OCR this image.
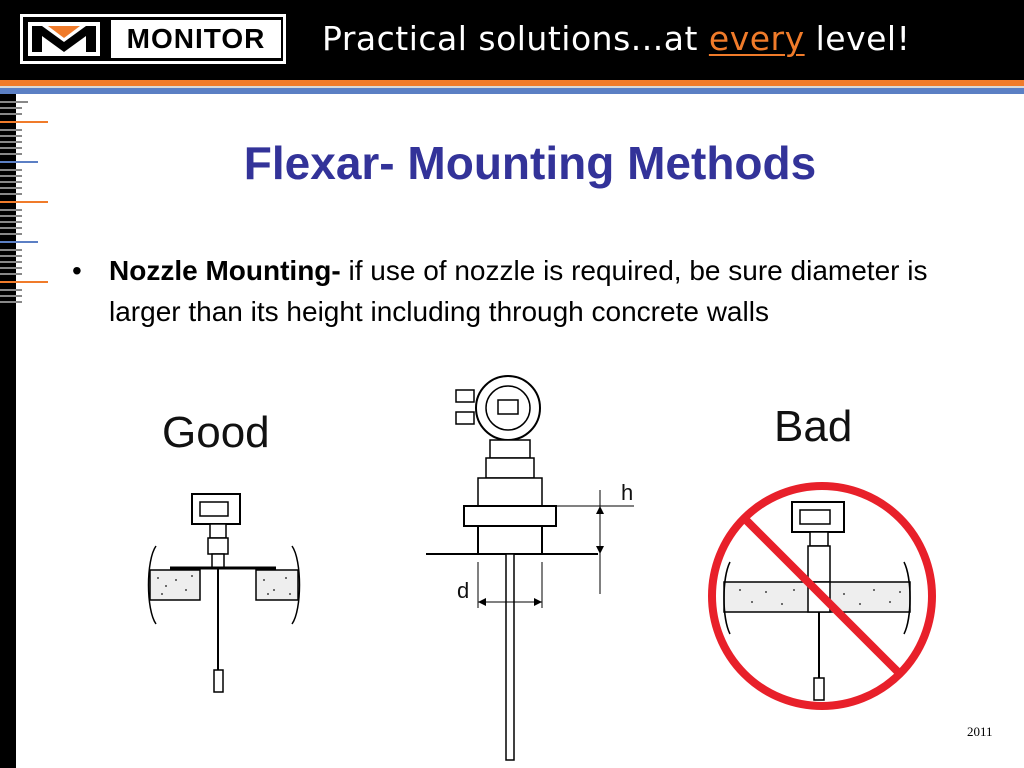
MONITOR	Practical solutions...at every level!
Flexar- Mounting Methods
• Nozzle Mounting- if use of nozzle is required, be sure diameter is larger than its height including through concrete walls
Good
h
d
Bad
2011
